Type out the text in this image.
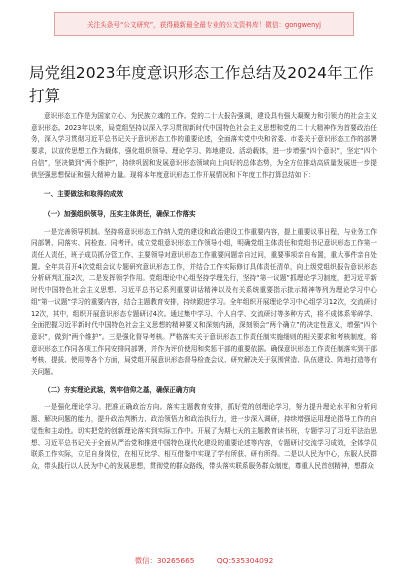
关注头条号“公文研究”，获得最新最全最专业的公文资料库！微信：gongwenyj
局党组2023年度意识形态工作总结及2024年工作打算

意识形态工作是为国家立心、为民族立魂的工作。党的二十大报告强调，建设具有强大凝聚力和引领力的社会主义意识形态。2023年以来，局党组坚持以深入学习贯彻新时代中国特色社会主义思想和党的二十大精神作为首要政治任务，深入学习贯彻习近平总书记关于意识形态工作的重要论述，全面落实党中央和省委、市委关于意识形态工作的部署要求，以宣传思想工作为载体，强化组织领导、理论学习、阵地建设、活动载体，进一步增强“四个意识”，坚定“四个自信”，坚决做到“两个维护”，持续巩固和发展意识形态领域向上向好的总体态势，为全方位推动高质量发展进一步提供坚强思想保证和强大精神力量。现将本年度意识形态工作开展情况和下年度工作打算总结如下：

一、主要做法和取得的成效
（一）加强组织领导，压实主体责任，确保工作落实

一是完善领导机制。坚持将意识形态工作纳入党的建设和政治建设工作重要内容，提上重要议事日程，与业务工作同部署、同落实、同检查、同考评。成立党组意识形态工作领导小组，明确党组主体责任和党组书记意识形态工作第一责任人责任，班子成员抓分管工作、主要领导对意识形态工作重要问题亲自过问，重要事项亲自布置，重大事件亲自处置。全年共召开4次党组会议专题研究意识形态工作，并结合工作实际修订具体责任清单，向上级党组织报告意识形态分析研判汇报2次，二是发挥领学作用。党组理论中心组坚持学理先行，坚持“第一议题”抓理论学习制度，把习近平新时代中国特色社会主义思想、习近平总书记系列重要讲话精神以及有关系统重要指示批示精神等列为理论学习中心组“第一议题”学习的重要内容，结合主题教育安排，持续跟进学习。全年组织开展理论学习中心组学习12次，交流研讨12次，其中，组织开展意识形态专题研讨4次。通过集中学习、个人自学、交流研讨等多种方式，将不成体系零碎学、全面把握习近平新时代中国特色社会主义思想的精神要义和深刻内涵，深刻领会“两个确立”的决定性意义，增强“四个意识”，做到“两个维护”。三是强化督导考核。严格落实关于意识形态工作责任制实施细则的相关要求和考核制度，将意识形态工作同各项工作同安排同部署，并作为评价使用和奖惩干部的重要依据。确保意识形态工作责任制落实到干部考核、提拔、使用等各个方面，局党组开展意识形态督导检查会议、研究解决关于氛围营造、队伍建设、阵地打造等有关问题。

（二）夯实理论武装，筑牢信仰之基，确保正确方向

一是强化理论学习。把准正确政治方向。落实主题教育安排，抓好党的创理论学习，努力提升理论水平和分析问题、解决问题的能力，提升政治判断力、政治领悟力和政治执行力，进一步深入调研，持续增强运用理论指导工作的自觉性和主动性。切实把党的创新理论落实到实际工作中。开展了为期七天的主题教育读书班，专题学习了习近平法治思想、习近平总书记关于全面从严治党和推进中国特色现代化建设的重要论述等内容，专题研讨交流学习成效，全体学员联系工作实际，立足自身岗位，在相互比学、相互借鉴中实现了学有所获、研有所得。二是以人民为中心，东服人民群众，带头践行以人民为中心的发展思想，贯彻党的群众路线，带头落实联系服务群众制度，尊重人民首创精神，想群众

微信：30265665	QQ:535304092
